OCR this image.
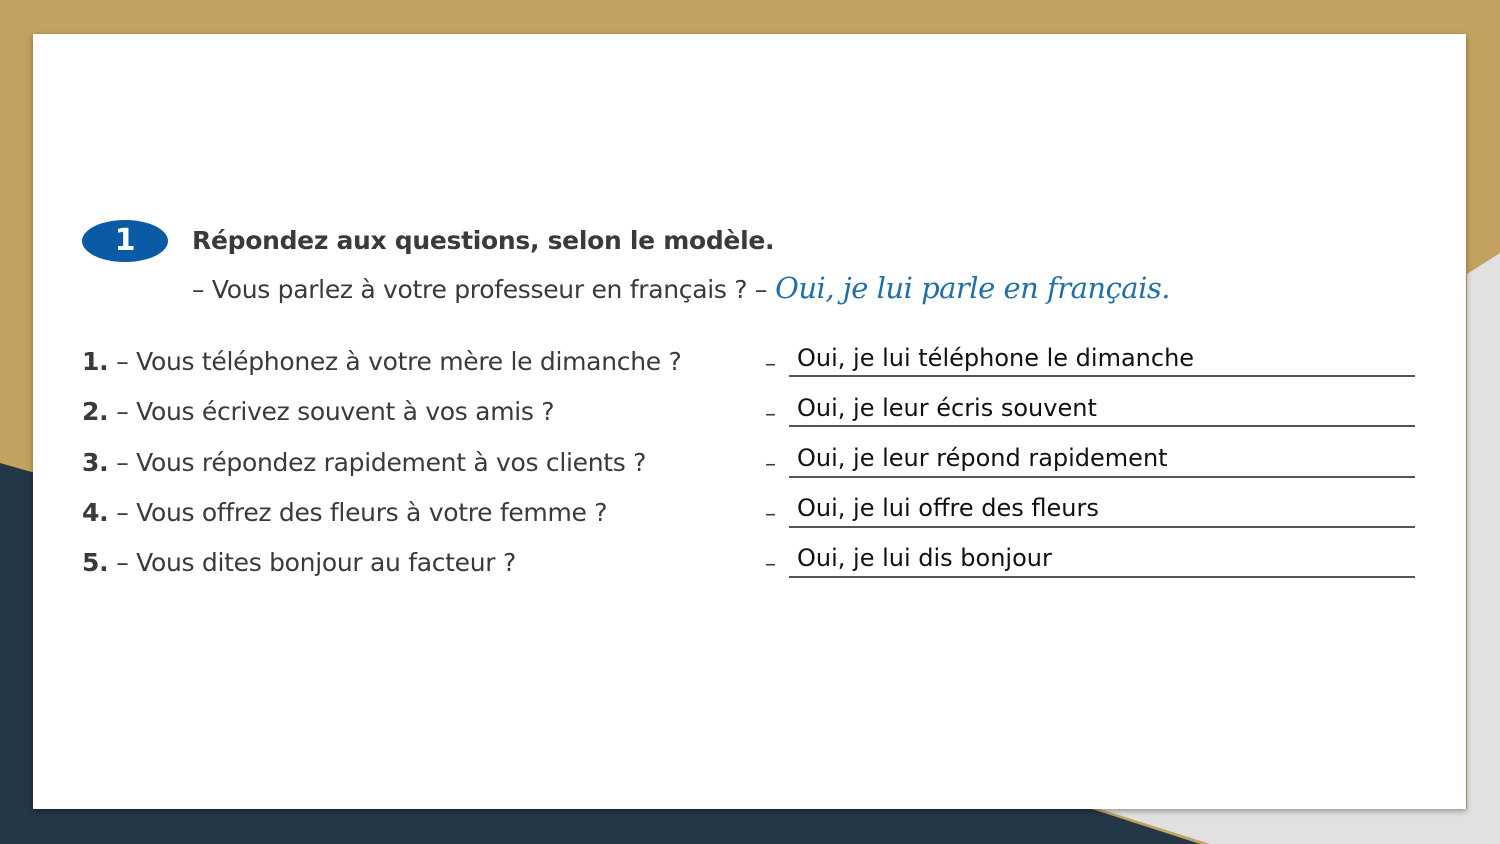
1	Répondez aux questions, selon le modèle.
– Vous parlez à votre professeur en français ? – Oui, je lui parle en français.
1. – Vous téléphonez à votre mère le dimanche ?	– Oui, je lui téléphone le dimanche
2. – Vous écrivez souvent à vos amis ?	– Oui, je leur écris souvent
3. – Vous répondez rapidement à vos clients ?	– Oui, je leur répond rapidement
4. – Vous offrez des fleurs à votre femme ?	– Oui, je lui offre des fleurs
5. – Vous dites bonjour au facteur ?	– Oui, je lui dis bonjour
